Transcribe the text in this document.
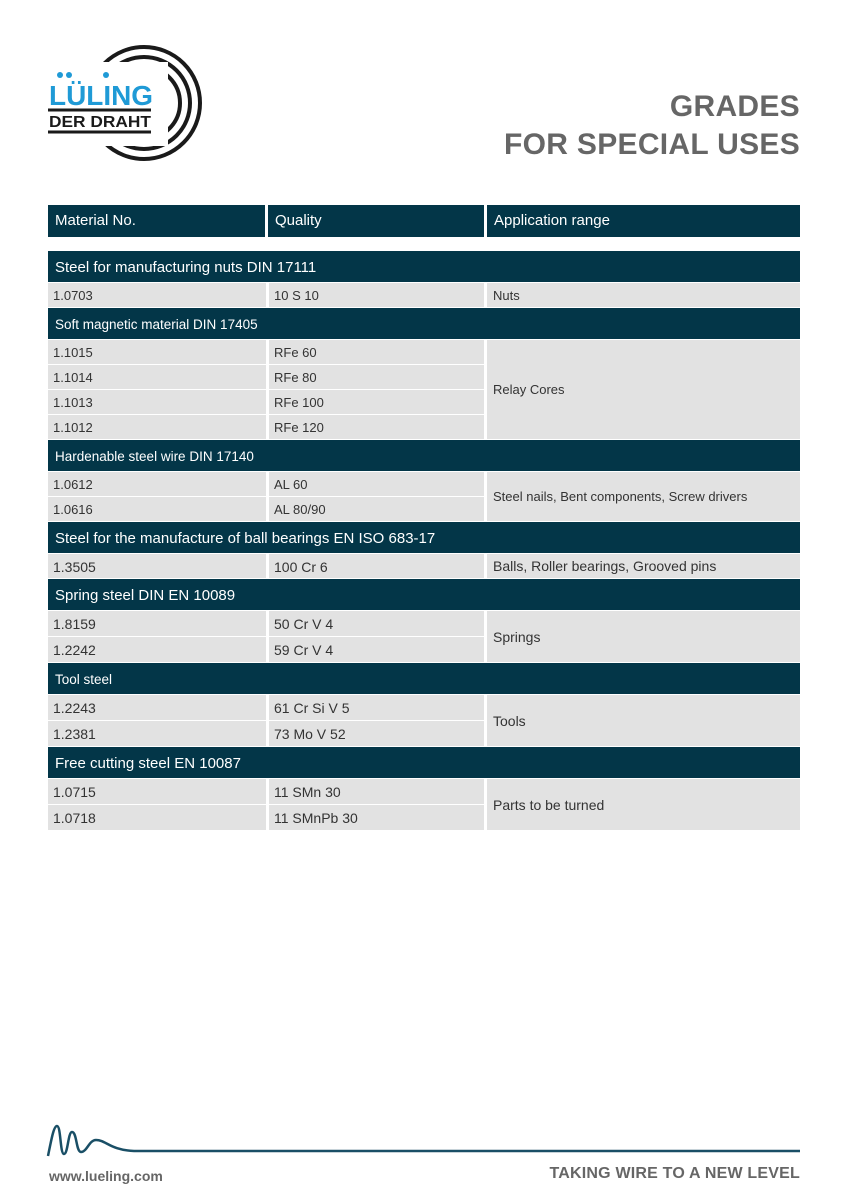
LÜLING
DER DRAHT	GRADES
FOR SPECIAL USES
Material No.	Quality	Application range
Steel for manufacturing nuts DIN 17111
1.0703	10 S 10	Nuts
Soft magnetic material DIN 17405
1.1015	RFe 60
1.1014	RFe 80
1.1013	RFe 100
1.1012	RFe 120
Relay Cores
Hardenable steel wire DIN 17140
1.0612	AL 60
1.0616	AL 80/90
Steel nails, Bent components, Screw drivers
Steel for the manufacture of ball bearings EN ISO 683-17
1.3505	100 Cr 6	Balls, Roller bearings, Grooved pins
Spring steel DIN EN 10089
1.8159	50 Cr V 4
1.2242	59 Cr V 4
Springs
Tool steel
1.2243	61 Cr Si V 5
1.2381	73 Mo V 52
Tools
Free cutting steel EN 10087
1.0715	11 SMn 30
1.0718	11 SMnPb 30
Parts to be turned
www.lueling.com	TAKING WIRE TO A NEW LEVEL
